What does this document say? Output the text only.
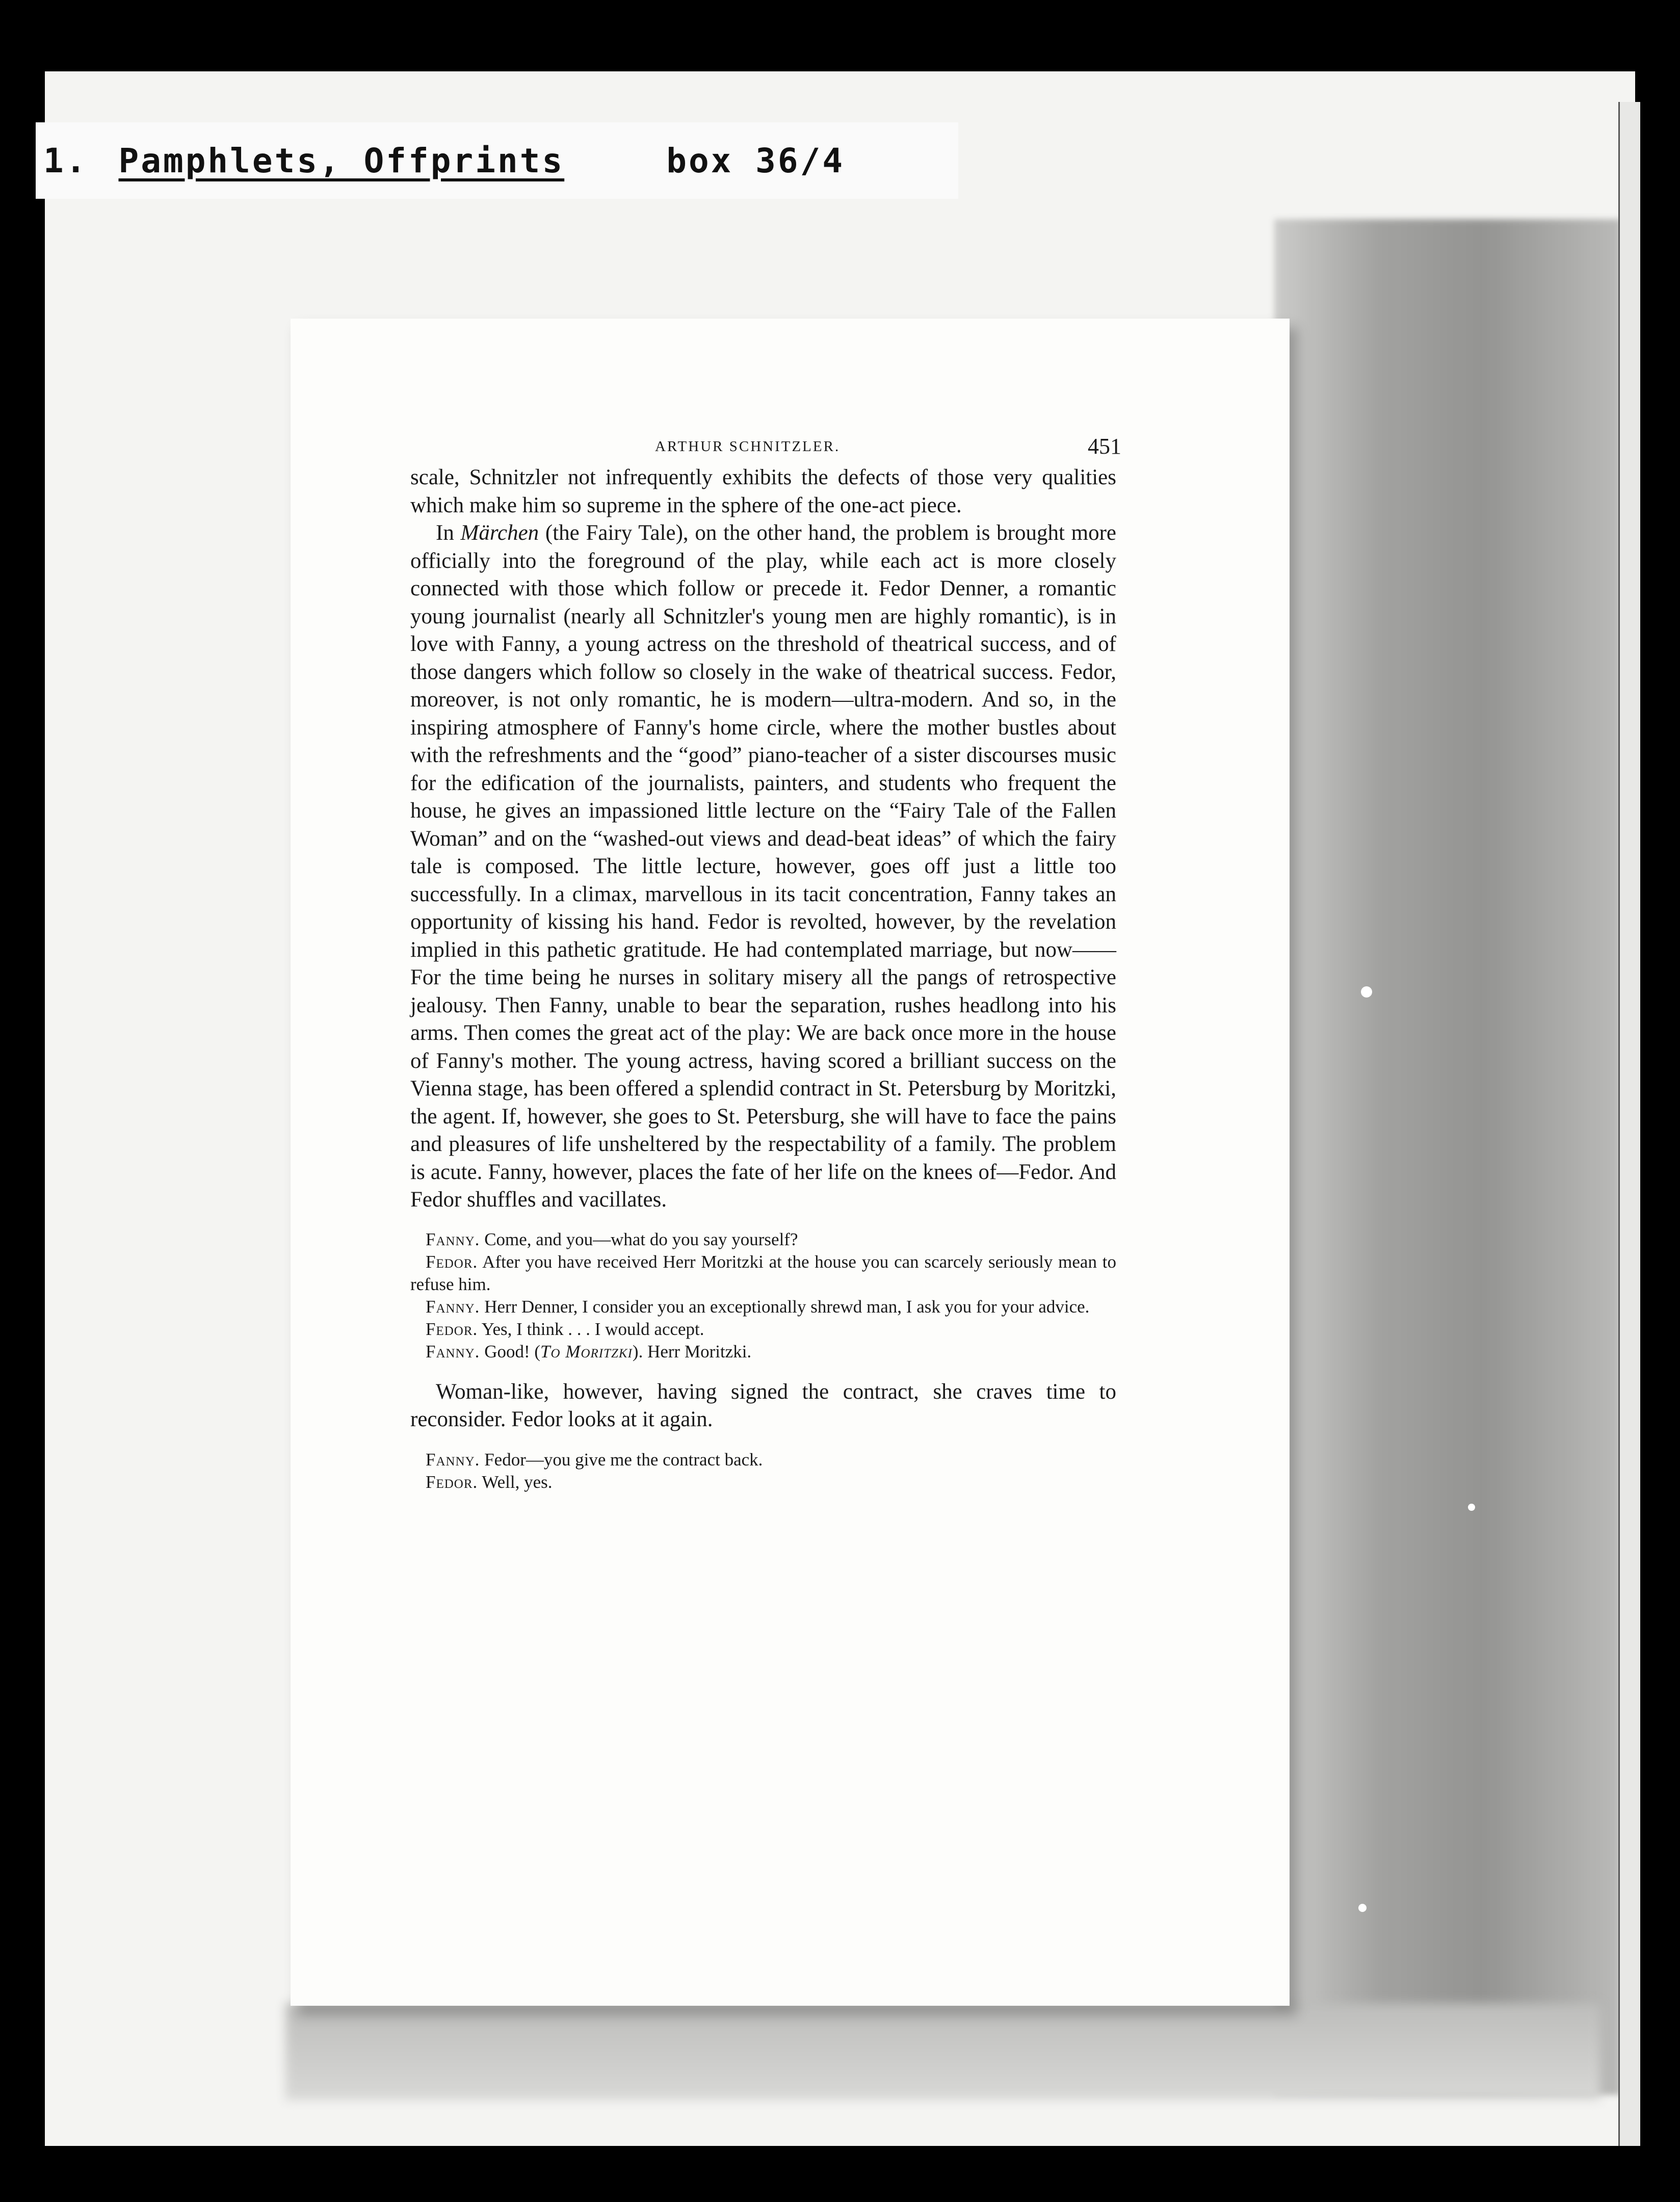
1. Pamphlets, Offprints	box 36/4
ARTHUR SCHNITZLER.	451

scale, Schnitzler not infrequently exhibits the defects of those very qualities which make him so supreme in the sphere of the one-act piece.

In Märchen (the Fairy Tale), on the other hand, the problem is brought more officially into the foreground of the play, while each act is more closely connected with those which follow or precede it. Fedor Denner, a romantic young journalist (nearly all Schnitzler's young men are highly romantic), is in love with Fanny, a young actress on the threshold of theatrical success, and of those dangers which follow so closely in the wake of theatrical success. Fedor, moreover, is not only romantic, he is modern—ultra-modern. And so, in the inspiring atmosphere of Fanny's home circle, where the mother bustles about with the refreshments and the “good” piano-teacher of a sister discourses music for the edification of the journalists, painters, and students who frequent the house, he gives an impassioned little lecture on the “Fairy Tale of the Fallen Woman” and on the “washed-out views and dead-beat ideas” of which the fairy tale is composed. The little lecture, however, goes off just a little too successfully. In a climax, marvellous in its tacit concentration, Fanny takes an opportunity of kissing his hand. Fedor is revolted, however, by the revelation implied in this pathetic gratitude. He had contemplated marriage, but now—— For the time being he nurses in solitary misery all the pangs of retrospective jealousy. Then Fanny, unable to bear the separation, rushes headlong into his arms. Then comes the great act of the play: We are back once more in the house of Fanny's mother. The young actress, having scored a brilliant success on the Vienna stage, has been offered a splendid contract in St. Petersburg by Moritzki, the agent. If, however, she goes to St. Petersburg, she will have to face the pains and pleasures of life unsheltered by the respectability of a family. The problem is acute. Fanny, however, places the fate of her life on the knees of—Fedor. And Fedor shuffles and vacillates.

Fanny. Come, and you—what do you say yourself?

Fedor. After you have received Herr Moritzki at the house you can scarcely seriously mean to refuse him.

Fanny. Herr Denner, I consider you an exceptionally shrewd man, I ask you for your advice.

Fedor. Yes, I think . . . I would accept.

Fanny. Good! (To Moritzki). Herr Moritzki.

Woman-like, however, having signed the contract, she craves time to reconsider. Fedor looks at it again.

Fanny. Fedor—you give me the contract back.

Fedor. Well, yes.
